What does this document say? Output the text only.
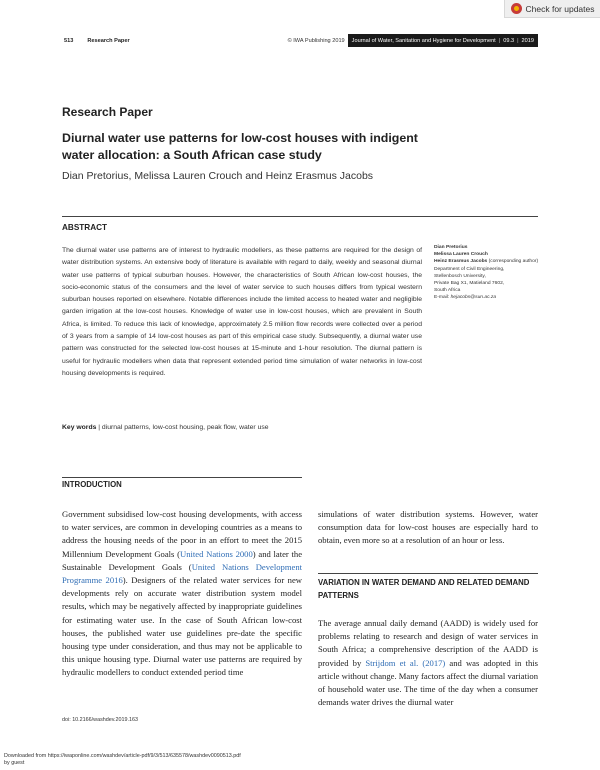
Check for updates
513	Research Paper	© IWA Publishing 2019 Journal of Water, Sanitation and Hygiene for Development | 09.3 | 2019
Research Paper
Diurnal water use patterns for low-cost houses with indigent water allocation: a South African case study
Dian Pretorius, Melissa Lauren Crouch and Heinz Erasmus Jacobs
ABSTRACT
The diurnal water use patterns are of interest to hydraulic modellers, as these patterns are required for the design of water distribution systems. An extensive body of literature is available with regard to daily, weekly and seasonal diurnal water use patterns of typical suburban houses. However, the characteristics of South African low-cost houses, the socio-economic status of the consumers and the level of water service to such houses differs from typical western suburban houses reported on elsewhere. Notable differences include the limited access to heated water and negligible garden irrigation at the low-cost houses. Knowledge of water use in low-cost houses, which are prevalent in South Africa, is limited. To reduce this lack of knowledge, approximately 2.5 million flow records were collected over a period of 3 years from a sample of 14 low-cost houses as part of this empirical case study. Subsequently, a diurnal water use pattern was constructed for the selected low-cost houses at 15-minute and 1-hour resolution. The diurnal pattern is useful for hydraulic modellers when data that represent extended period time simulation of water networks in low-cost housing developments is required.
Key words | diurnal patterns, low-cost housing, peak flow, water use
Dian Pretorius
Melissa Lauren Crouch
Heinz Erasmus Jacobs (corresponding author)
Department of Civil Engineering,
Stellenbosch University,
Private Bag X1, Matieland 7602,
South Africa
E-mail: hejacobs@sun.ac.za
INTRODUCTION
Government subsidised low-cost housing developments, with access to water services, are common in developing countries as a means to address the housing needs of the poor in an effort to meet the 2015 Millennium Development Goals (United Nations 2000) and later the Sustainable Development Goals (United Nations Development Programme 2016). Designers of the related water services for new developments rely on accurate water distribution system model results, which may be negatively affected by inappropriate guidelines for estimating water use. In the case of South African low-cost houses, the published water use guidelines pre-date the specific housing type under consideration, and thus may not be applicable to this unique housing type. Diurnal water use patterns are required by hydraulic modellers to conduct extended period time
simulations of water distribution systems. However, water consumption data for low-cost houses are especially hard to obtain, even more so at a resolution of an hour or less.
VARIATION IN WATER DEMAND AND RELATED DEMAND PATTERNS
The average annual daily demand (AADD) is widely used for problems relating to research and design of water services in South Africa; a comprehensive description of the AADD is provided by Strijdom et al. (2017) and was adopted in this article without change. Many factors affect the diurnal variation of household water use. The time of the day when a consumer demands water drives the diurnal water
doi: 10.2166/washdev.2019.163
Downloaded from https://iwaponline.com/washdev/article-pdf/9/3/513/635578/washdev0090513.pdf
by guest
